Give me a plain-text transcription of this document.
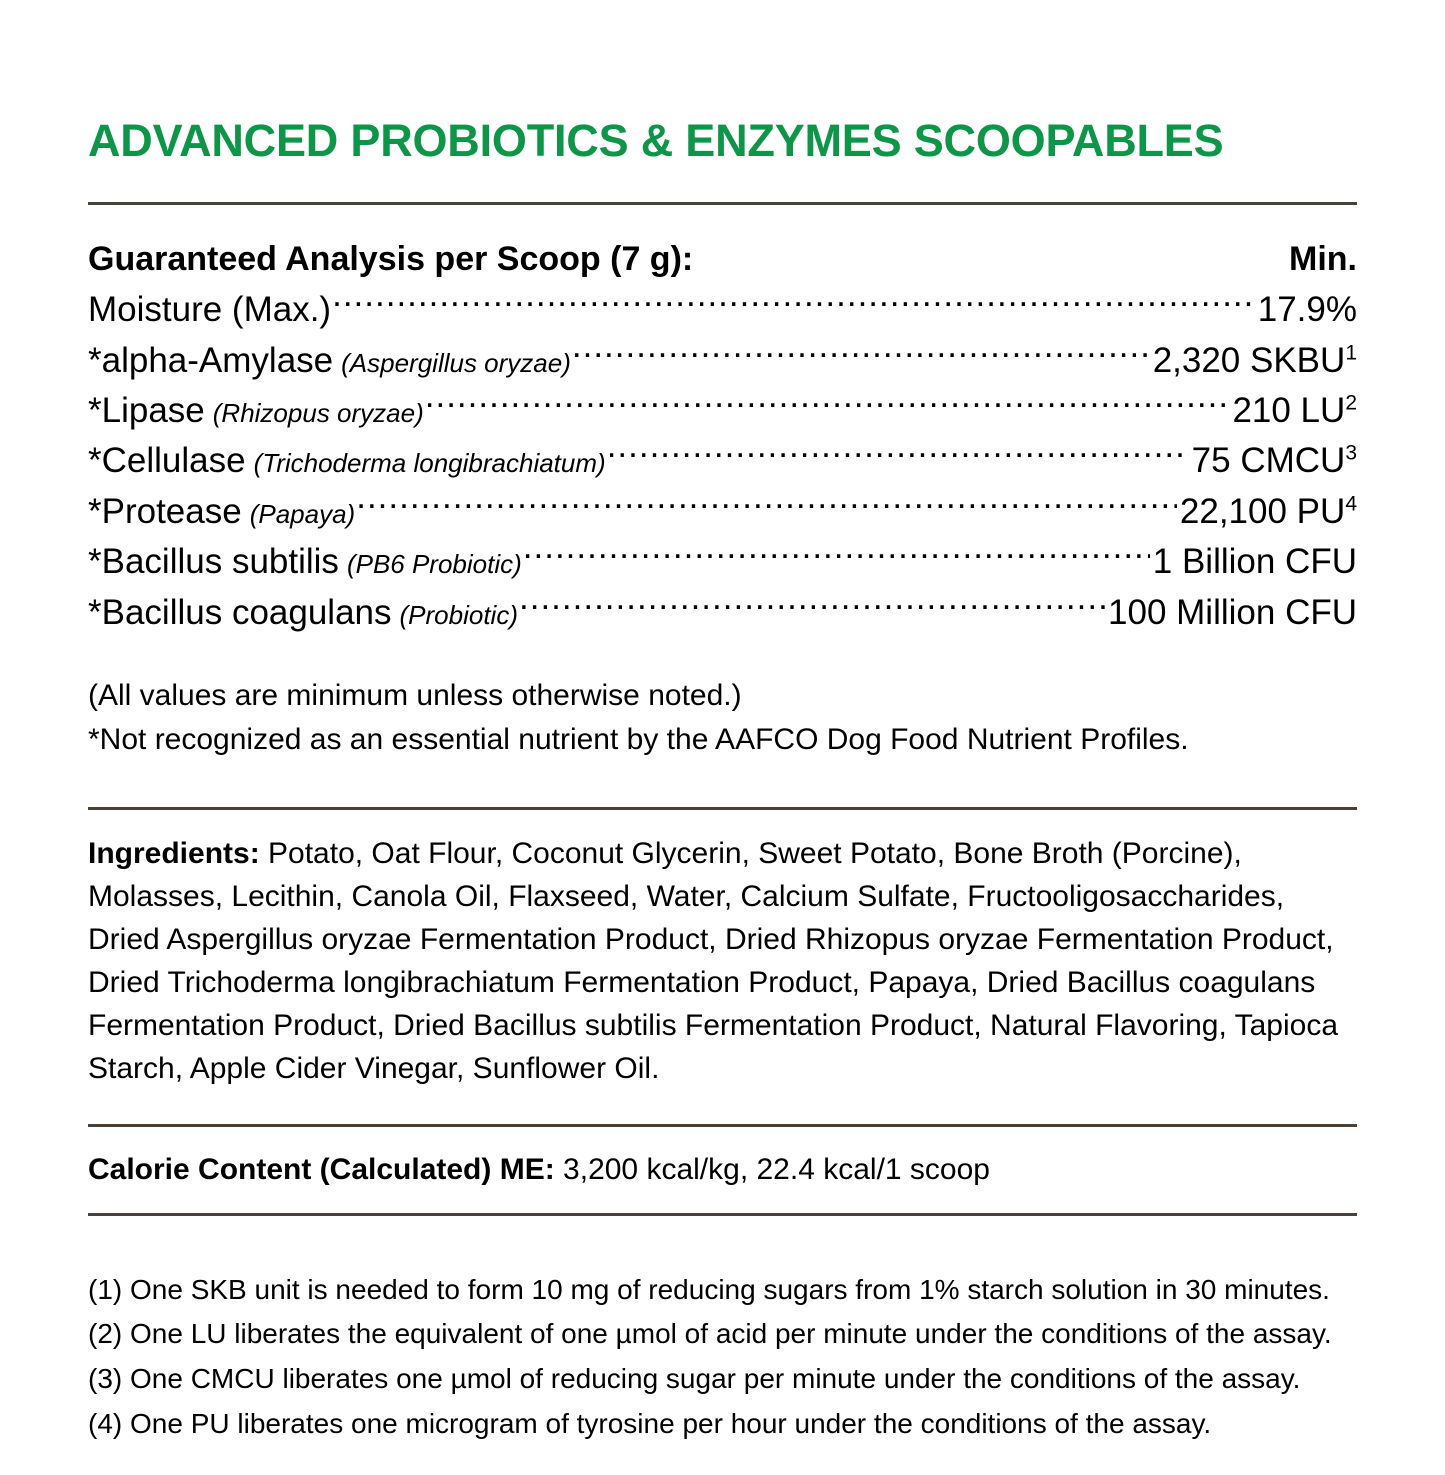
ADVANCED PROBIOTICS & ENZYMES SCOOPABLES
Guaranteed Analysis per Scoop (7 g):	Min.
Moisture (Max.) .....	17.9%
*alpha-Amylase (Aspergillus oryzae) .....	2,320 SKBU$^1$
*Lipase (Rhizopus oryzae) .....	210 $LU^2$
*Cellulase (Trichoderma longibrachiatum) .....	75 CMCU$^3$
*Protease (Papaya) .....	22,100 $PU^4$
*Bacillus subtilis (PB6 Probiotic) .....	1 Billion CFU
*Bacillus coagulans (Probiotic) .....	100 Million CFU
(All values are minimum unless otherwise noted.)
*Not recognized as an essential nutrient by the AAFCO Dog Food Nutrient Profiles.

Ingredients: Potato, Oat Flour, Coconut Glycerin, Sweet Potato, Bone Broth (Porcine), Molasses, Lecithin, Canola Oil, Flaxseed, Water, Calcium Sulfate, Fructooligosaccharides, Dried Aspergillus oryzae Fermentation Product, Dried Rhizopus oryzae Fermentation Product, Dried Trichoderma longibrachiatum Fermentation Product, Papaya, Dried Bacillus coagulans Fermentation Product, Dried Bacillus subtilis Fermentation Product, Natural Flavoring, Tapioca Starch, Apple Cider Vinegar, Sunflower Oil.

Calorie Content (Calculated) ME: 3,200 kcal/kg, 22.4 kcal/1 scoop

(1) One SKB unit is needed to form 10 mg of reducing sugars from 1% starch solution in 30 minutes.
(2) One LU liberates the equivalent of one µmol of acid per minute under the conditions of the assay.
(3) One CMCU liberates one µmol of reducing sugar per minute under the conditions of the assay.
(4) One PU liberates one microgram of tyrosine per hour under the conditions of the assay.
